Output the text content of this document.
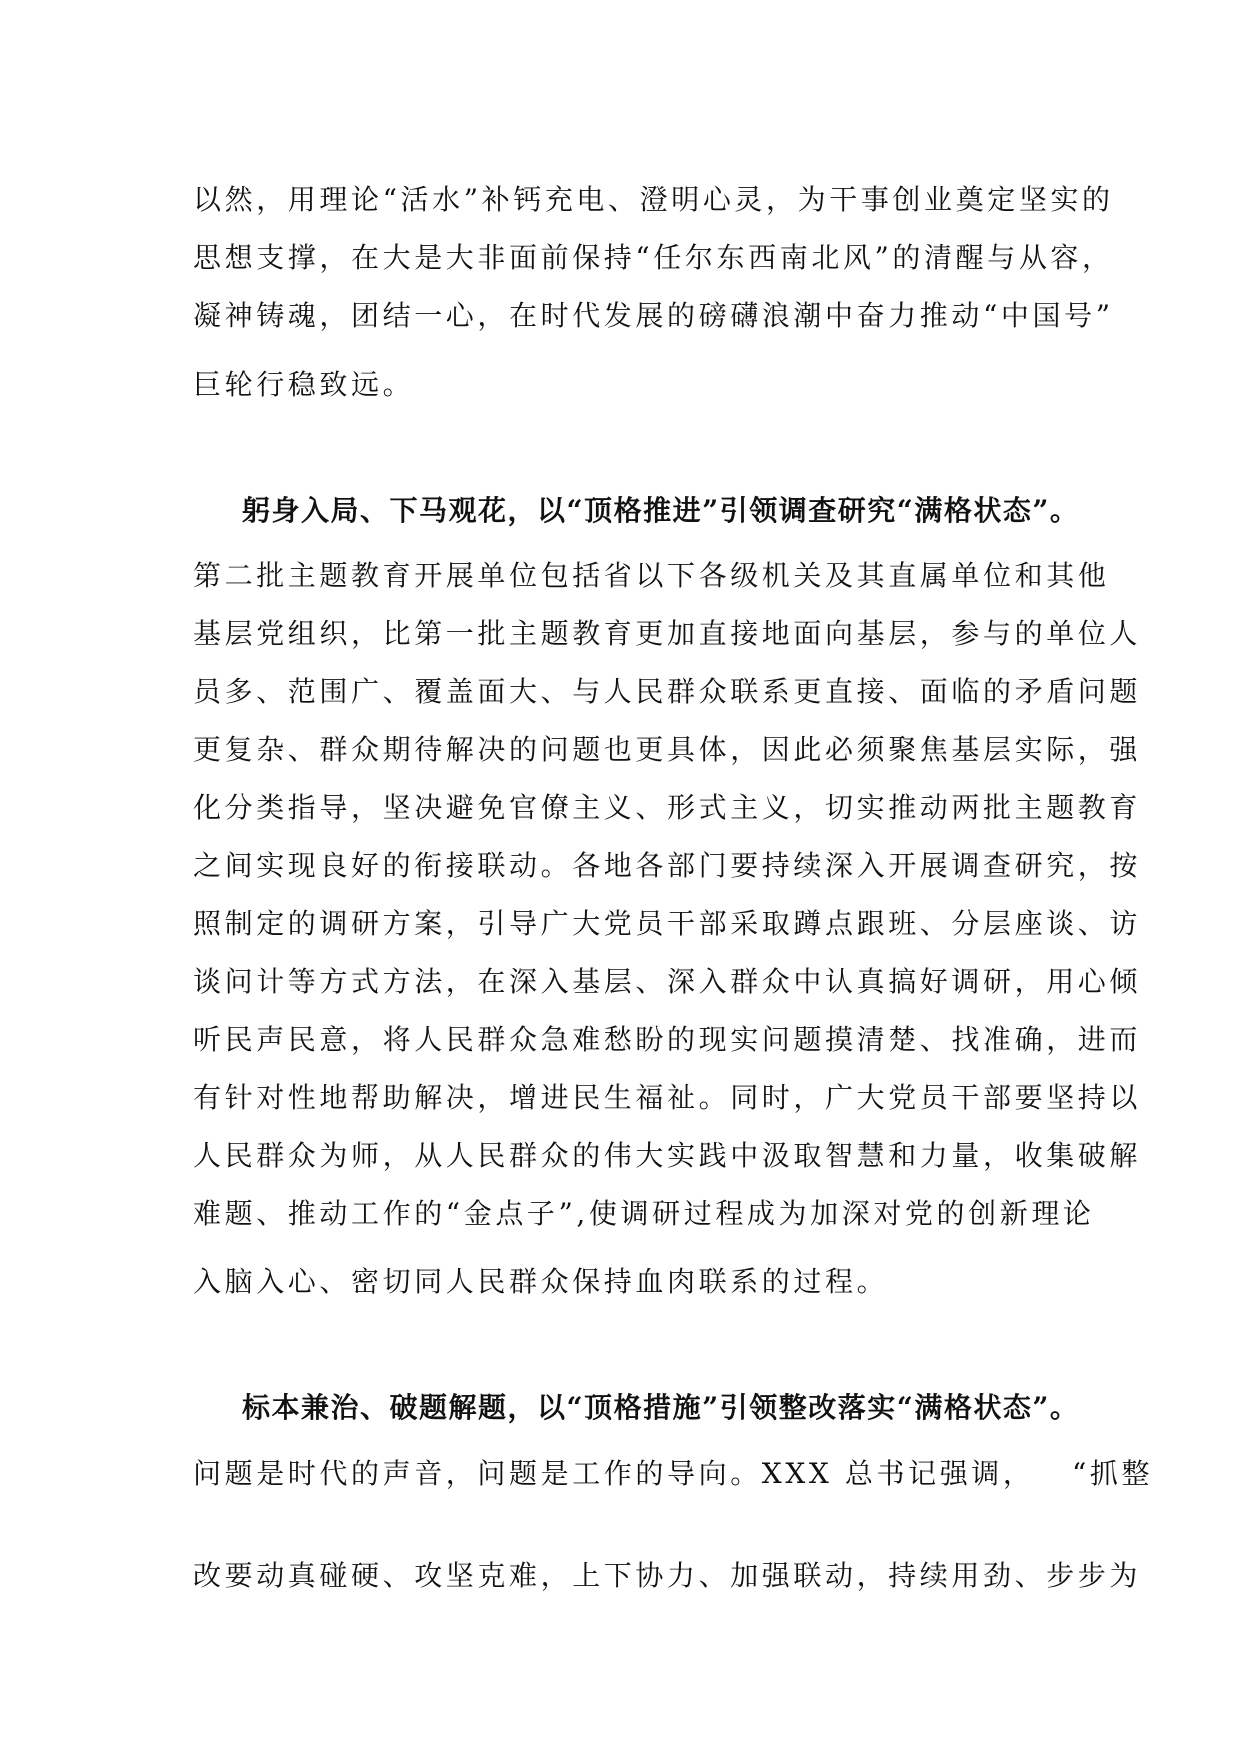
以然，用理论“活水”补钙充电、澄明心灵，为干事创业奠定坚实的
思想支撑，在大是大非面前保持“任尔东西南北风”的清醒与从容，
凝神铸魂，团结一心，在时代发展的磅礴浪潮中奋力推动“中国号”
巨轮行稳致远。
躬身入局、下马观花，以“顶格推进”引领调查研究“满格状态”。
第二批主题教育开展单位包括省以下各级机关及其直属单位和其他
基层党组织，比第一批主题教育更加直接地面向基层，参与的单位人
员多、范围广、覆盖面大、与人民群众联系更直接、面临的矛盾问题
更复杂、群众期待解决的问题也更具体，因此必须聚焦基层实际，强
化分类指导，坚决避免官僚主义、形式主义，切实推动两批主题教育
之间实现良好的衔接联动。各地各部门要持续深入开展调查研究，按
照制定的调研方案，引导广大党员干部采取蹲点跟班、分层座谈、访
谈问计等方式方法，在深入基层、深入群众中认真搞好调研，用心倾
听民声民意，将人民群众急难愁盼的现实问题摸清楚、找准确，进而
有针对性地帮助解决，增进民生福祉。同时，广大党员干部要坚持以
人民群众为师，从人民群众的伟大实践中汲取智慧和力量，收集破解
难题、推动工作的“金点子”,使调研过程成为加深对党的创新理论
入脑入心、密切同人民群众保持血肉联系的过程。
标本兼治、破题解题，以“顶格措施”引领整改落实“满格状态”。
问题是时代的声音，问题是工作的导向。XXX 总书记强调，   “抓整
改要动真碰硬、攻坚克难，上下协力、加强联动，持续用劲、步步为
